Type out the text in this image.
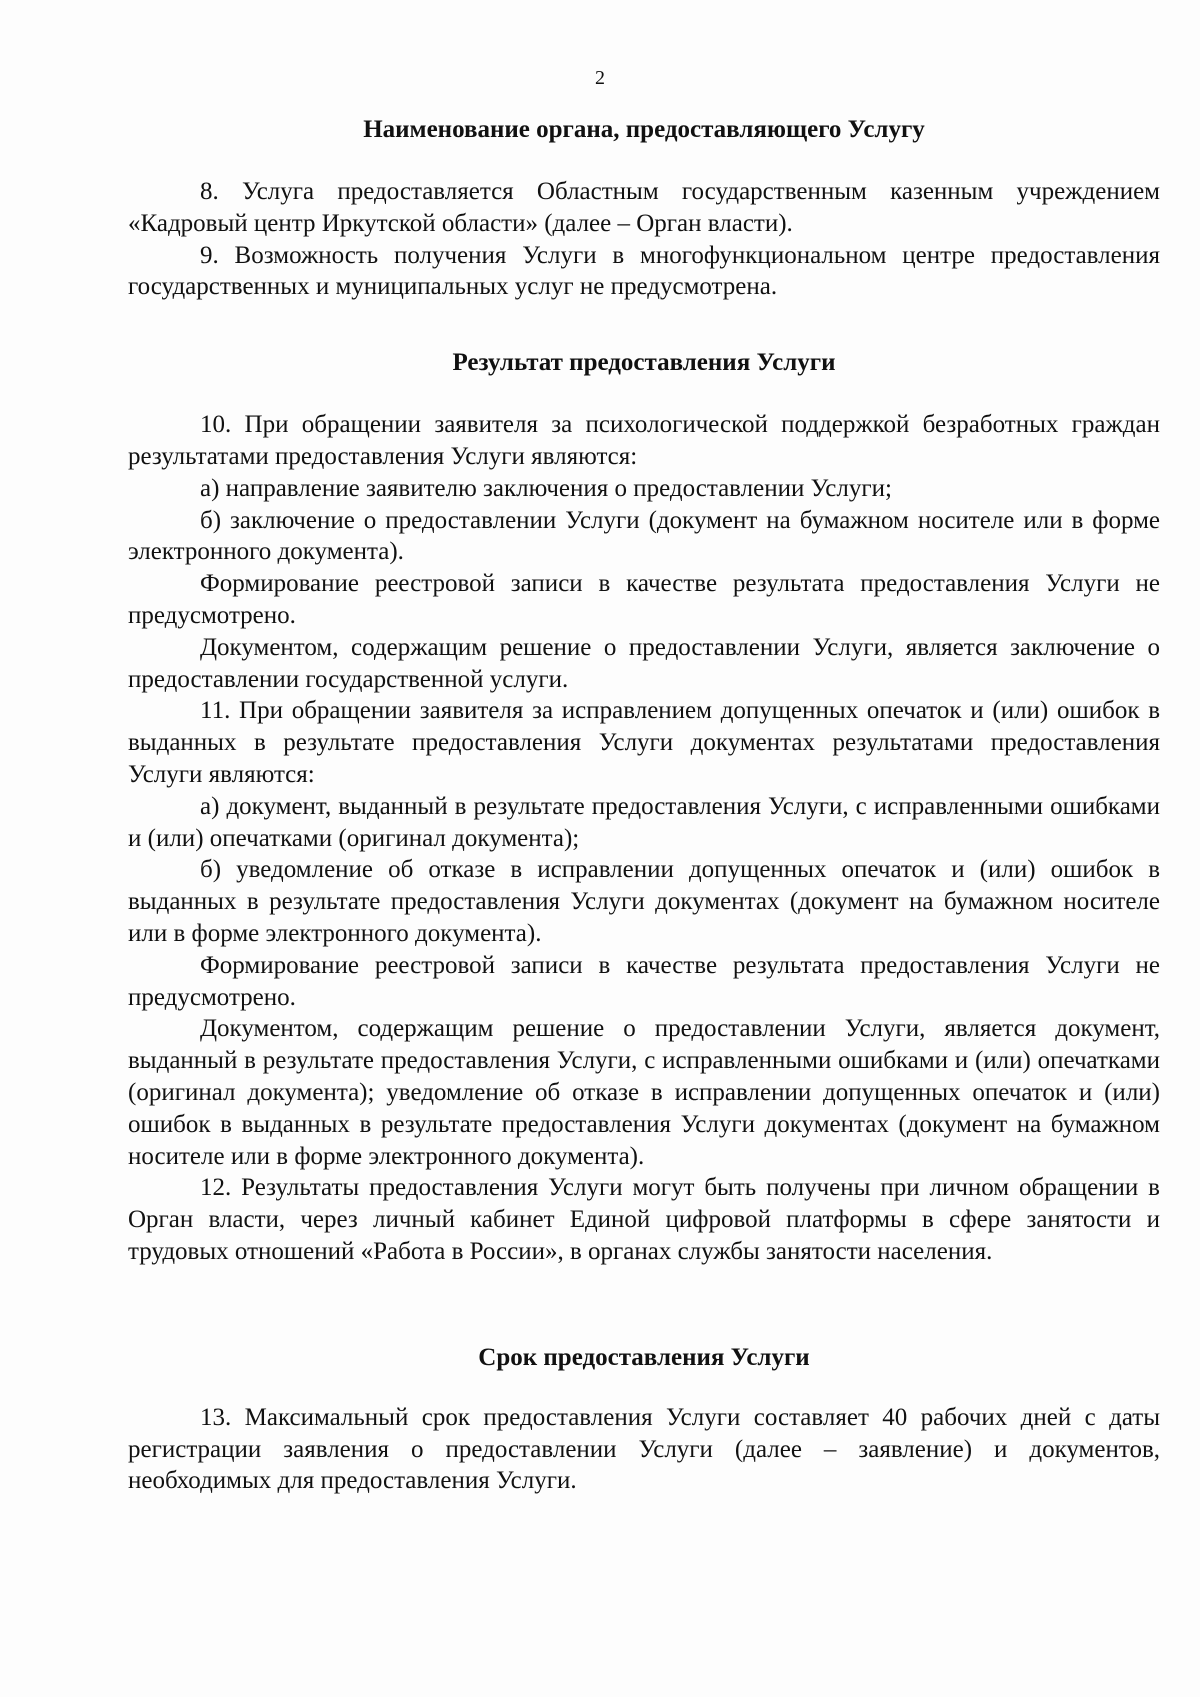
2
Наименование органа, предоставляющего Услугу

8. Услуга предоставляется Областным государственным казенным учреждением «Кадровый центр Иркутской области» (далее – Орган власти).

9. Возможность получения Услуги в многофункциональном центре предоставления государственных и муниципальных услуг не предусмотрена.

Результат предоставления Услуги

10. При обращении заявителя за психологической поддержкой безработных граждан результатами предоставления Услуги являются:

а) направление заявителю заключения о предоставлении Услуги;

б) заключение о предоставлении Услуги (документ на бумажном носителе или в форме электронного документа).

Формирование реестровой записи в качестве результата предоставления Услуги не предусмотрено.

Документом, содержащим решение о предоставлении Услуги, является заключение о предоставлении государственной услуги.

11. При обращении заявителя за исправлением допущенных опечаток и (или) ошибок в выданных в результате предоставления Услуги документах результатами предоставления Услуги являются:

а) документ, выданный в результате предоставления Услуги, с исправленными ошибками и (или) опечатками (оригинал документа);

б) уведомление об отказе в исправлении допущенных опечаток и (или) ошибок в выданных в результате предоставления Услуги документах (документ на бумажном носителе или в форме электронного документа).

Формирование реестровой записи в качестве результата предоставления Услуги не предусмотрено.

Документом, содержащим решение о предоставлении Услуги, является документ, выданный в результате предоставления Услуги, с исправленными ошибками и (или) опечатками (оригинал документа); уведомление об отказе в исправлении допущенных опечаток и (или) ошибок в выданных в результате предоставления Услуги документах (документ на бумажном носителе или в форме электронного документа).

12. Результаты предоставления Услуги могут быть получены при личном обращении в Орган власти, через личный кабинет Единой цифровой платформы в сфере занятости и трудовых отношений «Работа в России», в органах службы занятости населения.

Срок предоставления Услуги

13. Максимальный срок предоставления Услуги составляет 40 рабочих дней с даты регистрации заявления о предоставлении Услуги (далее – заявление) и документов, необходимых для предоставления Услуги.
